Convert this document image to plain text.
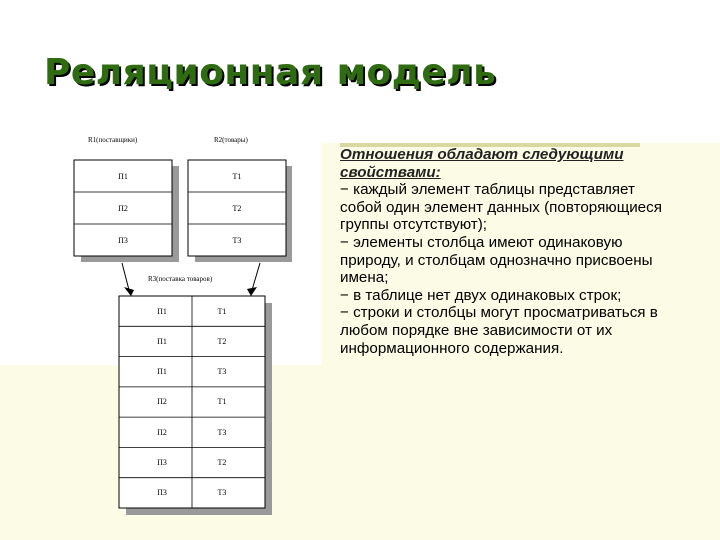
Реляционная модель
Отношения обладают следующими свойствами:
− каждый элемент таблицы представляет собой один элемент данных (повторяющиеся группы отсутствуют);
− элементы столбца имеют одинаковую природу, и столбцам однозначно присвоены имена;
− в таблице нет двух одинаковых строк;
− строки и столбцы могут просматриваться в любом порядке вне зависимости от их информационного содержания.
R1(поставщики)
П1
П2
П3
R2(товары)
Т1
Т2
Т3
R3(поставка товаров)
П1	Т1
П1	Т2
П1	Т3
П2	Т1
П2	Т3
П3	Т2
П3	Т3
